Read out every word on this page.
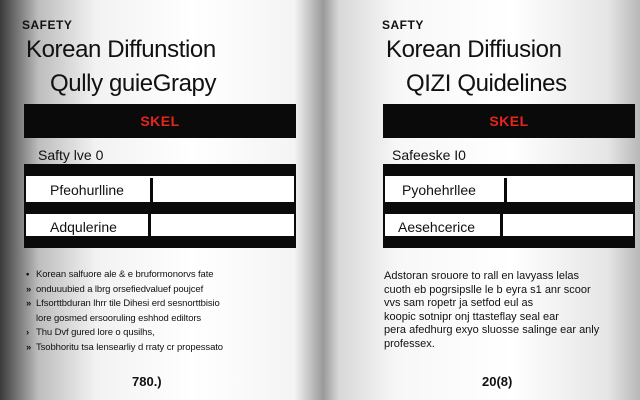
SAFETY
Korean Diffunstion
Qully guieGrapy
SKEL
Safty lve 0
Pfeohurlline
Adqulerine
• Korean salfuore ale & e bruformonorvs fate
» onduuubied a lbrg orsefiedvaluef poujcef
» Lfsorttbduran lhrr tile Dihesi erd sesnorttbisio
lore gosmed ersooruling eshhod ediltors
› Thu Dvf gured lore o qusilhs,
» Tsobhoritu tsa lensearliy d rraty cr propessato
780.)
SAFTY
Korean Diffiusion
QIZI Quidelines
SKEL
Safeeske I0
Pyohehrllee
Aesehcerice
Adstoran srouore to rall en lavyass lelas
cuoth eb pogrsipslle le b eyra s1 anr scoor
vvs sam ropetr ja setfod eul as
koopic sotnipr onj ttasteflay seal ear
pera afedhurg exyo sluosse salinge ear anly
professex.
20(8)
